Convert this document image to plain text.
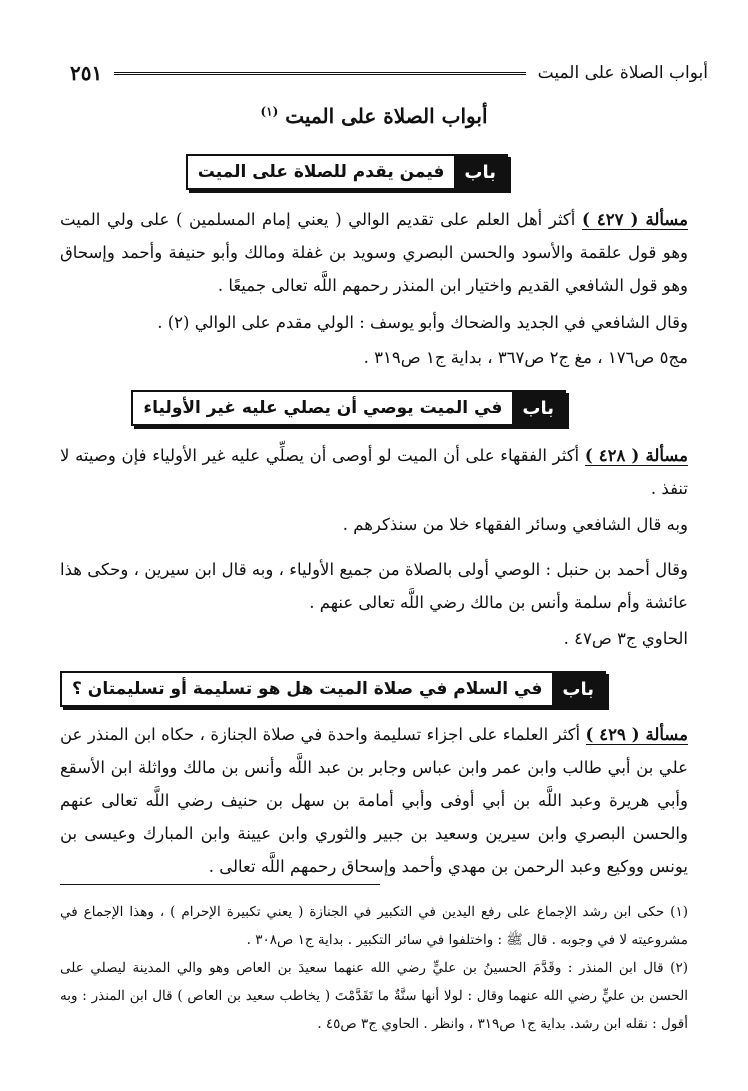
أبواب الصلاة على الميت
٢٥١
أبواب الصلاة على الميت $^{(١)}$
باب
فيمن يقدم للصلاة على الميت
مسألة ( ٤٢٧ ) أكثر أهل العلم على تقديم الوالي ( يعني إمام المسلمين ) على ولي الميت وهو قول علقمة والأسود والحسن البصري وسويد بن غفلة ومالك وأبو حنيفة وأحمد وإسحاق وهو قول الشافعي القديم واختيار ابن المنذر رحمهم اللَّه تعالى جميعًا .
وقال الشافعي في الجديد والضحاك وأبو يوسف : الولي مقدم على الوالي (٢) .
مج٥ ص١٧٦ ، مغ ج٢ ص٣٦٧ ، بداية ج١ ص٣١٩ .
باب
في الميت يوصي أن يصلي عليه غير الأولياء
مسألة ( ٤٢٨ ) أكثر الفقهاء على أن الميت لو أوصى أن يصلِّي عليه غير الأولياء فإن وصيته لا تنفذ .
وبه قال الشافعي وسائر الفقهاء خلا من سنذكرهم .
وقال أحمد بن حنبل : الوصي أولى بالصلاة من جميع الأولياء ، وبه قال ابن سيرين ، وحكى هذا عائشة وأم سلمة وأنس بن مالك رضي اللَّه تعالى عنهم .
الحاوي ج٣ ص٤٧ .
باب
في السلام في صلاة الميت هل هو تسليمة أو تسليمتان ؟
مسألة ( ٤٢٩ ) أكثر العلماء على اجزاء تسليمة واحدة في صلاة الجنازة ، حكاه ابن المنذر عن علي بن أبي طالب وابن عمر وابن عباس وجابر بن عبد اللَّه وأنس بن مالك وواثلة ابن الأسقع وأبي هريرة وعبد اللَّه بن أبي أوفى وأبي أمامة بن سهل بن حنيف رضي اللَّه تعالى عنهم والحسن البصري وابن سيرين وسعيد بن جبير والثوري وابن عيينة وابن المبارك وعيسى بن يونس ووكيع وعبد الرحمن بن مهدي وأحمد وإسحاق رحمهم اللَّه تعالى .
(١) حكى ابن رشد الإجماع على رفع اليدين في التكبير في الجنازة ( يعني تكبيرة الإحرام ) ، وهذا الإجماع في مشروعيته لا في وجوبه . قال ﷺ : واختلفوا في سائر التكبير . بداية ج١ ص٣٠٨ .
(٢) قال ابن المنذر : وقَدَّمَ الحسينُ بن عليٍّ رضي الله عنهما سعيدَ بن العاص وهو والي المدينة ليصلي على الحسن بن عليٍّ رضي الله عنهما وقال : لولا أنها سنَّةٌ ما تَقَدَّمْتَ ( يخاطب سعيد بن العاص ) قال ابن المنذر : وبه أقول : نقله ابن رشد. بداية ج١ ص٣١٩ ، وانظر . الحاوي ج٣ ص٤٥ .
